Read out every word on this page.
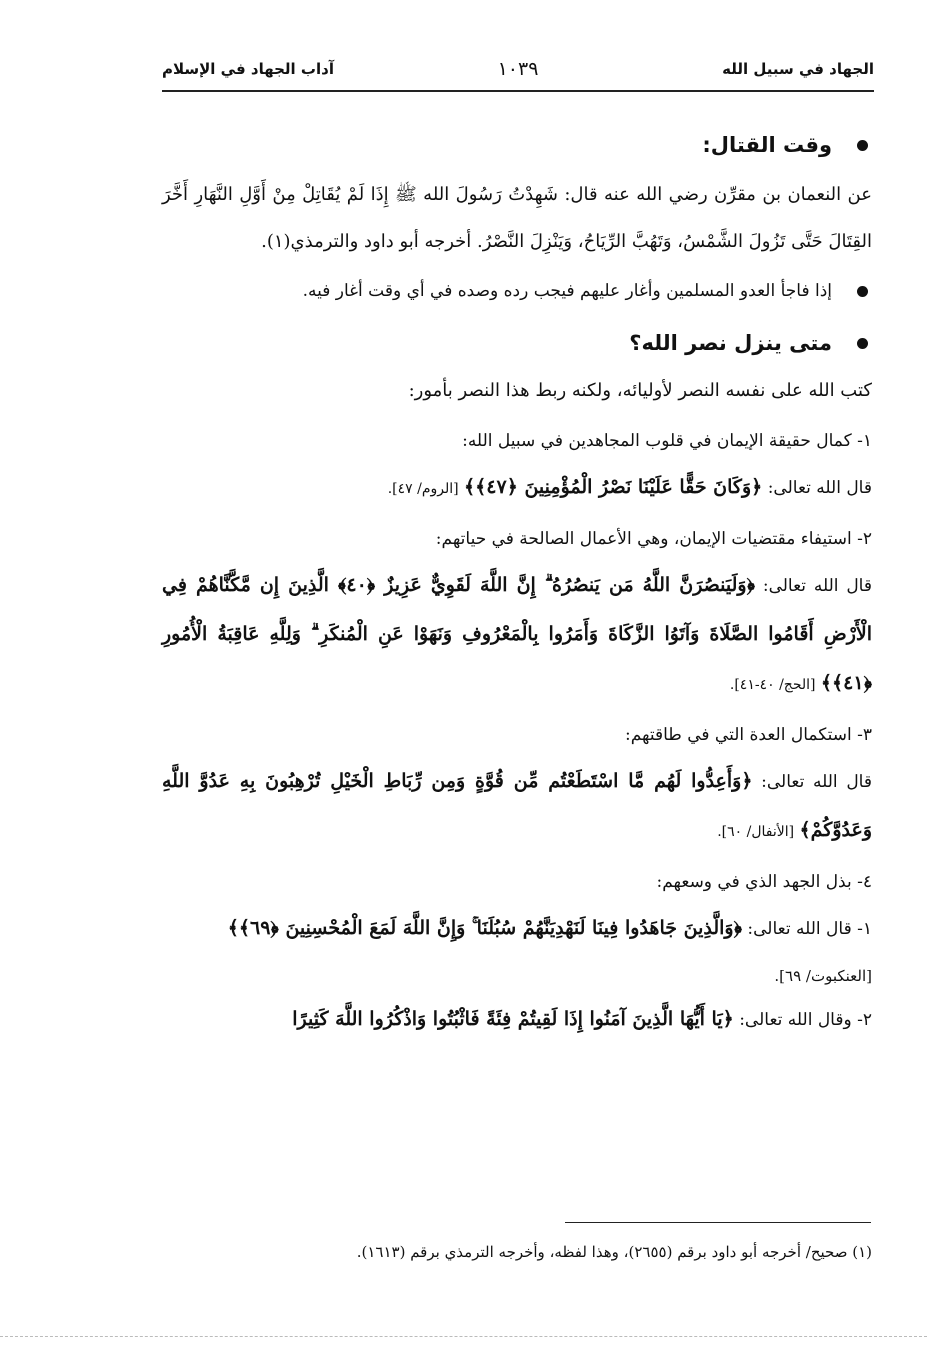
الجهاد في سبيل الله
١٠٣٩
آداب الجهاد في الإسلام
وقت القتال:

عن النعمان بن مقرِّن رضي الله عنه قال: شَهِدْتُ رَسُولَ الله ﷺ إِذَا لَمْ يُقَاتِلْ مِنْ أَوَّلِ النَّهَارِ أَخَّرَ القِتَالَ حَتَّى تَزُولَ الشَّمْسُ، وَتَهُبَّ الرِّيَاحُ، وَيَنْزِلَ النَّصْرُ. أخرجه أبو داود والترمذي(١).

إذا فاجأ العدو المسلمين وأغار عليهم فيجب رده وصده في أي وقت أغار فيه.
متى ينزل نصر الله؟

كتب الله على نفسه النصر لأوليائه، ولكنه ربط هذا النصر بأمور:

١- كمال حقيقة الإيمان في قلوب المجاهدين في سبيل الله:

قال الله تعالى: ﴿وَكَانَ حَقًّا عَلَيْنَا نَصْرُ الْمُؤْمِنِينَ ﴿٤٧﴾﴾ [الروم/ ٤٧].

٢- استيفاء مقتضيات الإيمان، وهي الأعمال الصالحة في حياتهم:

قال الله تعالى: ﴿وَلَيَنصُرَنَّ اللَّهُ مَن يَنصُرُهُ ۗ إِنَّ اللَّهَ لَقَوِيٌّ عَزِيزٌ ﴿٤٠﴾ الَّذِينَ إِن مَّكَّنَّاهُمْ فِي الْأَرْضِ أَقَامُوا الصَّلَاةَ وَآتَوُا الزَّكَاةَ وَأَمَرُوا بِالْمَعْرُوفِ وَنَهَوْا عَنِ الْمُنكَرِ ۗ وَلِلَّهِ عَاقِبَةُ الْأُمُورِ ﴿٤١﴾﴾ [الحج/ ٤٠-٤١].

٣- استكمال العدة التي في طاقتهم:

قال الله تعالى: ﴿وَأَعِدُّوا لَهُم مَّا اسْتَطَعْتُم مِّن قُوَّةٍ وَمِن رِّبَاطِ الْخَيْلِ تُرْهِبُونَ بِهِ عَدُوَّ اللَّهِ وَعَدُوَّكُمْ﴾ [الأنفال/ ٦٠].

٤- بذل الجهد الذي في وسعهم:

١- قال الله تعالى: ﴿وَالَّذِينَ جَاهَدُوا فِينَا لَنَهْدِيَنَّهُمْ سُبُلَنَا ۚ وَإِنَّ اللَّهَ لَمَعَ الْمُحْسِنِينَ ﴿٦٩﴾﴾

[العنكبوت/ ٦٩].

٢- وقال الله تعالى: ﴿يَا أَيُّهَا الَّذِينَ آمَنُوا إِذَا لَقِيتُمْ فِئَةً فَاثْبُتُوا وَاذْكُرُوا اللَّهَ كَثِيرًا

(١) صحيح/ أخرجه أبو داود برقم (٢٦٥٥)، وهذا لفظه، وأخرجه الترمذي برقم (١٦١٣).
